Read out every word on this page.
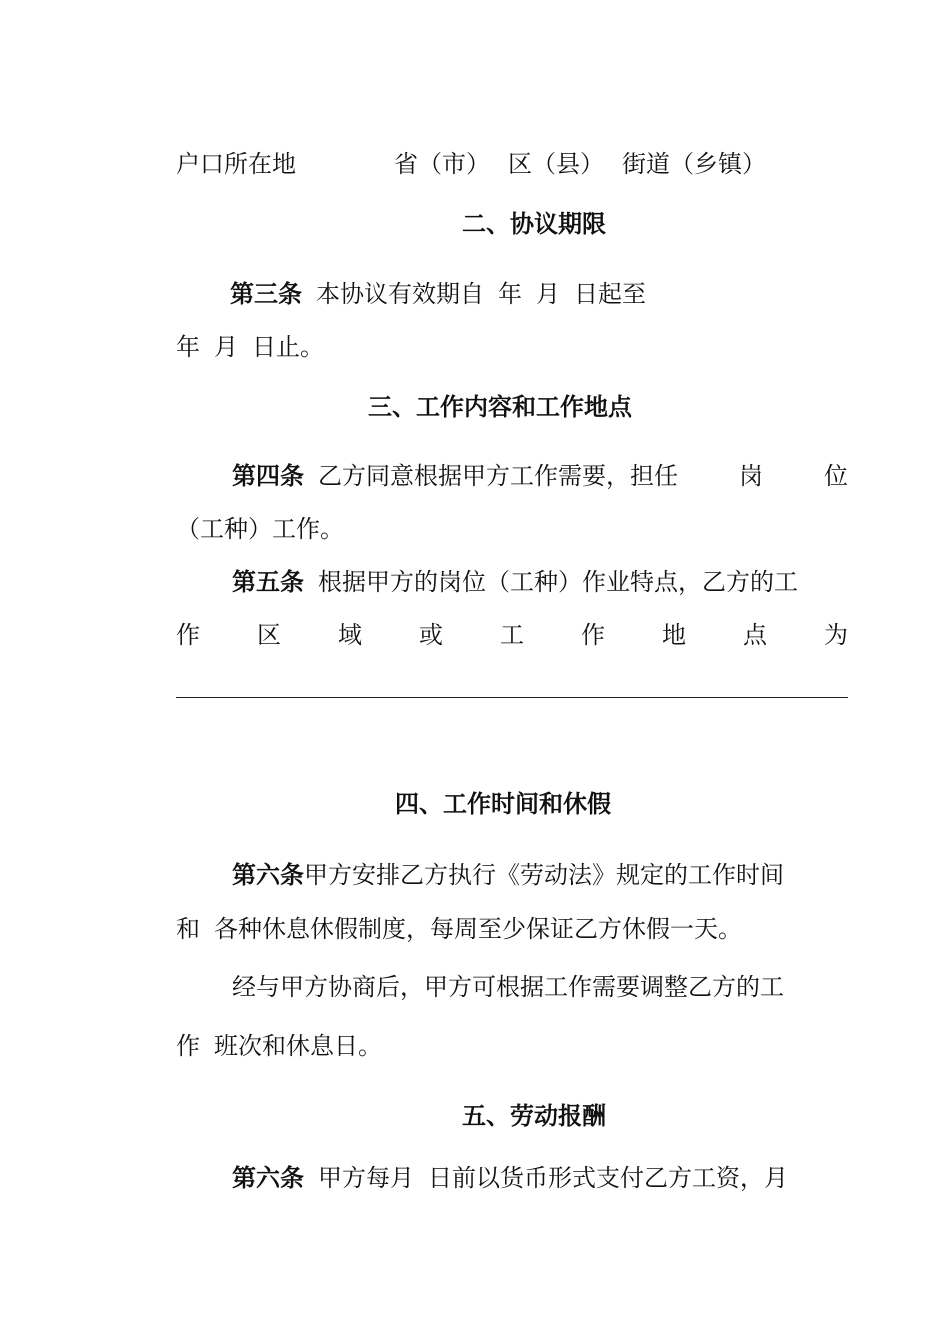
户口所在地	省（市） 区（县） 街道（乡镇）
二、协议期限
第三条 本协议有效期自 年 月 日起至
年 月 日止。
三、工作内容和工作地点
第四条 乙方同意根据甲方工作需要，担任	岗	位
（工种）工作。
第五条 根据甲方的岗位（工种）作业特点，乙方的工
作 区 域 或 工 作 地 点 为
四、工作时间和休假
第六条甲方安排乙方执行《劳动法》规定的工作时间
和 各种休息休假制度，每周至少保证乙方休假一天。
经与甲方协商后，甲方可根据工作需要调整乙方的工
作 班次和休息日。
五、劳动报酬
第六条 甲方每月 日前以货币形式支付乙方工资，月
